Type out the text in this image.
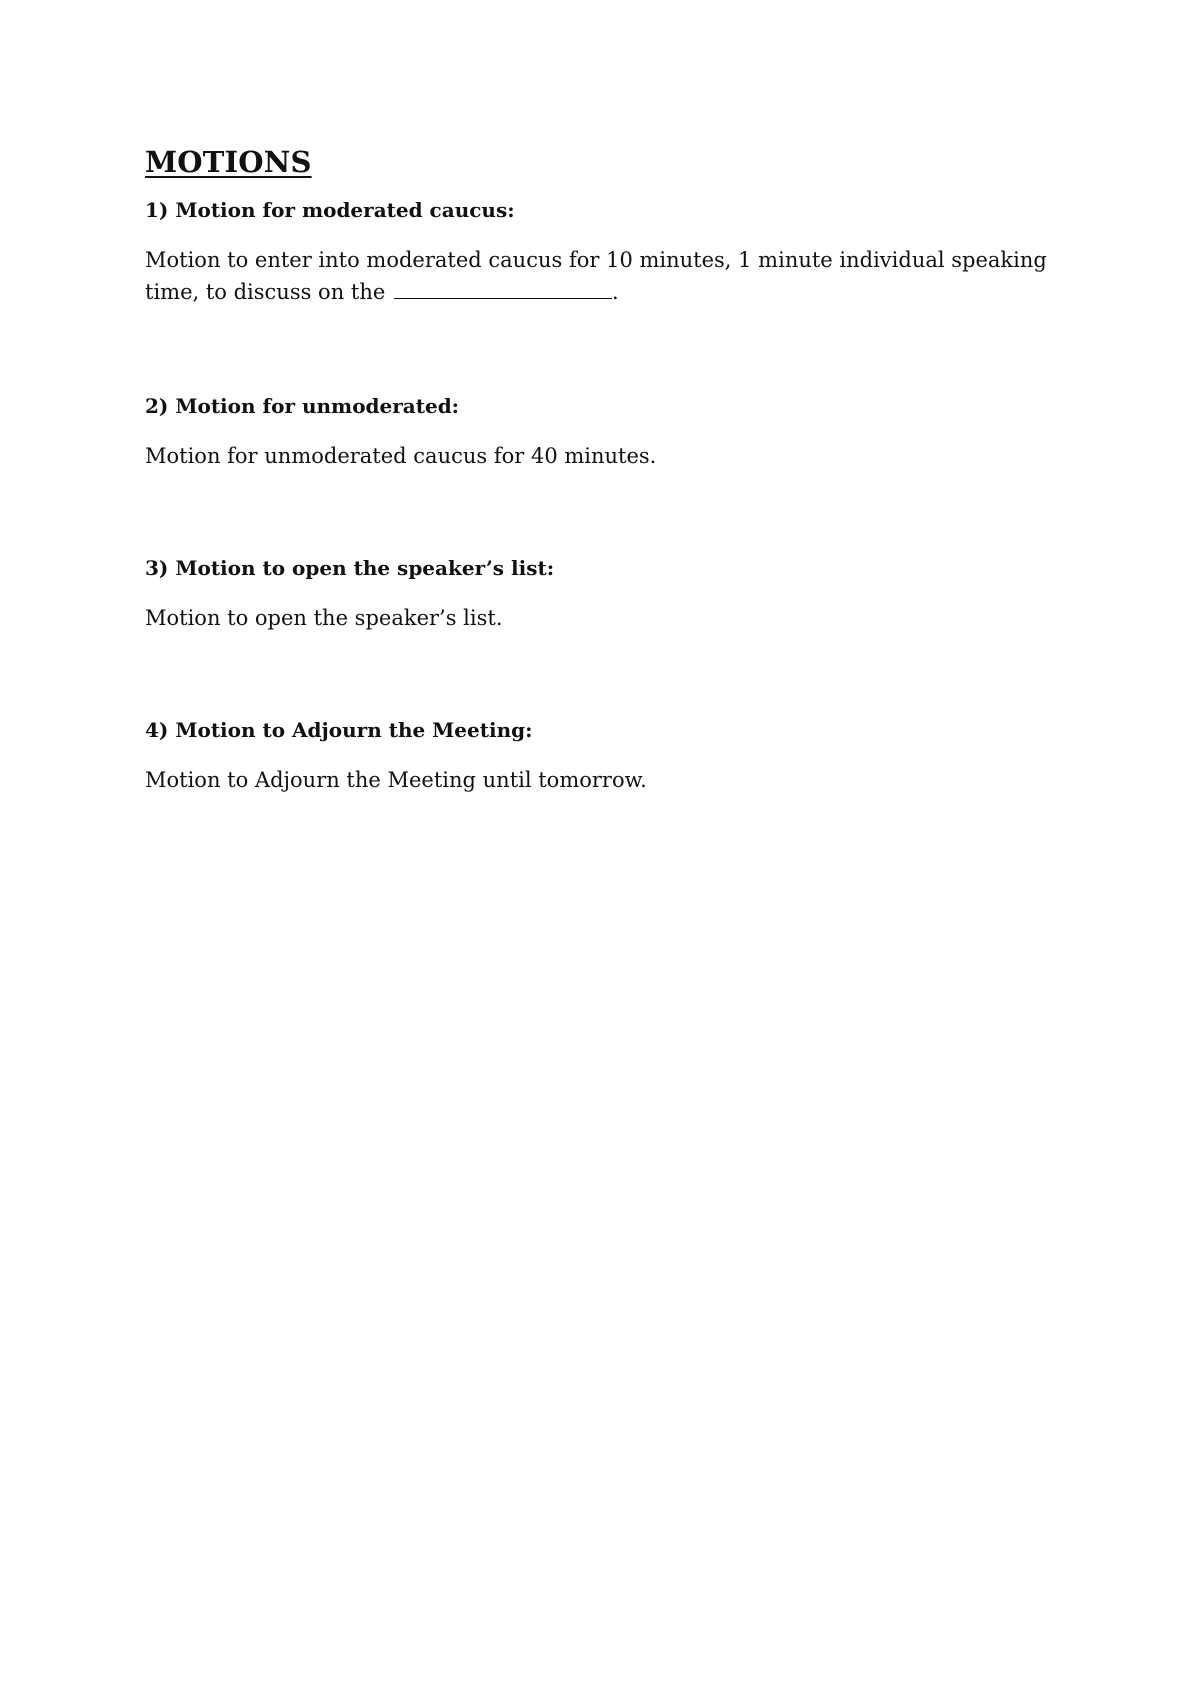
MOTIONS
1) Motion for moderated caucus:

Motion to enter into moderated caucus for 10 minutes, 1 minute individual speaking time, to discuss on the	.

2) Motion for unmoderated:

Motion for unmoderated caucus for 40 minutes.

3) Motion to open the speaker’s list:

Motion to open the speaker’s list.

4) Motion to Adjourn the Meeting:

Motion to Adjourn the Meeting until tomorrow.
